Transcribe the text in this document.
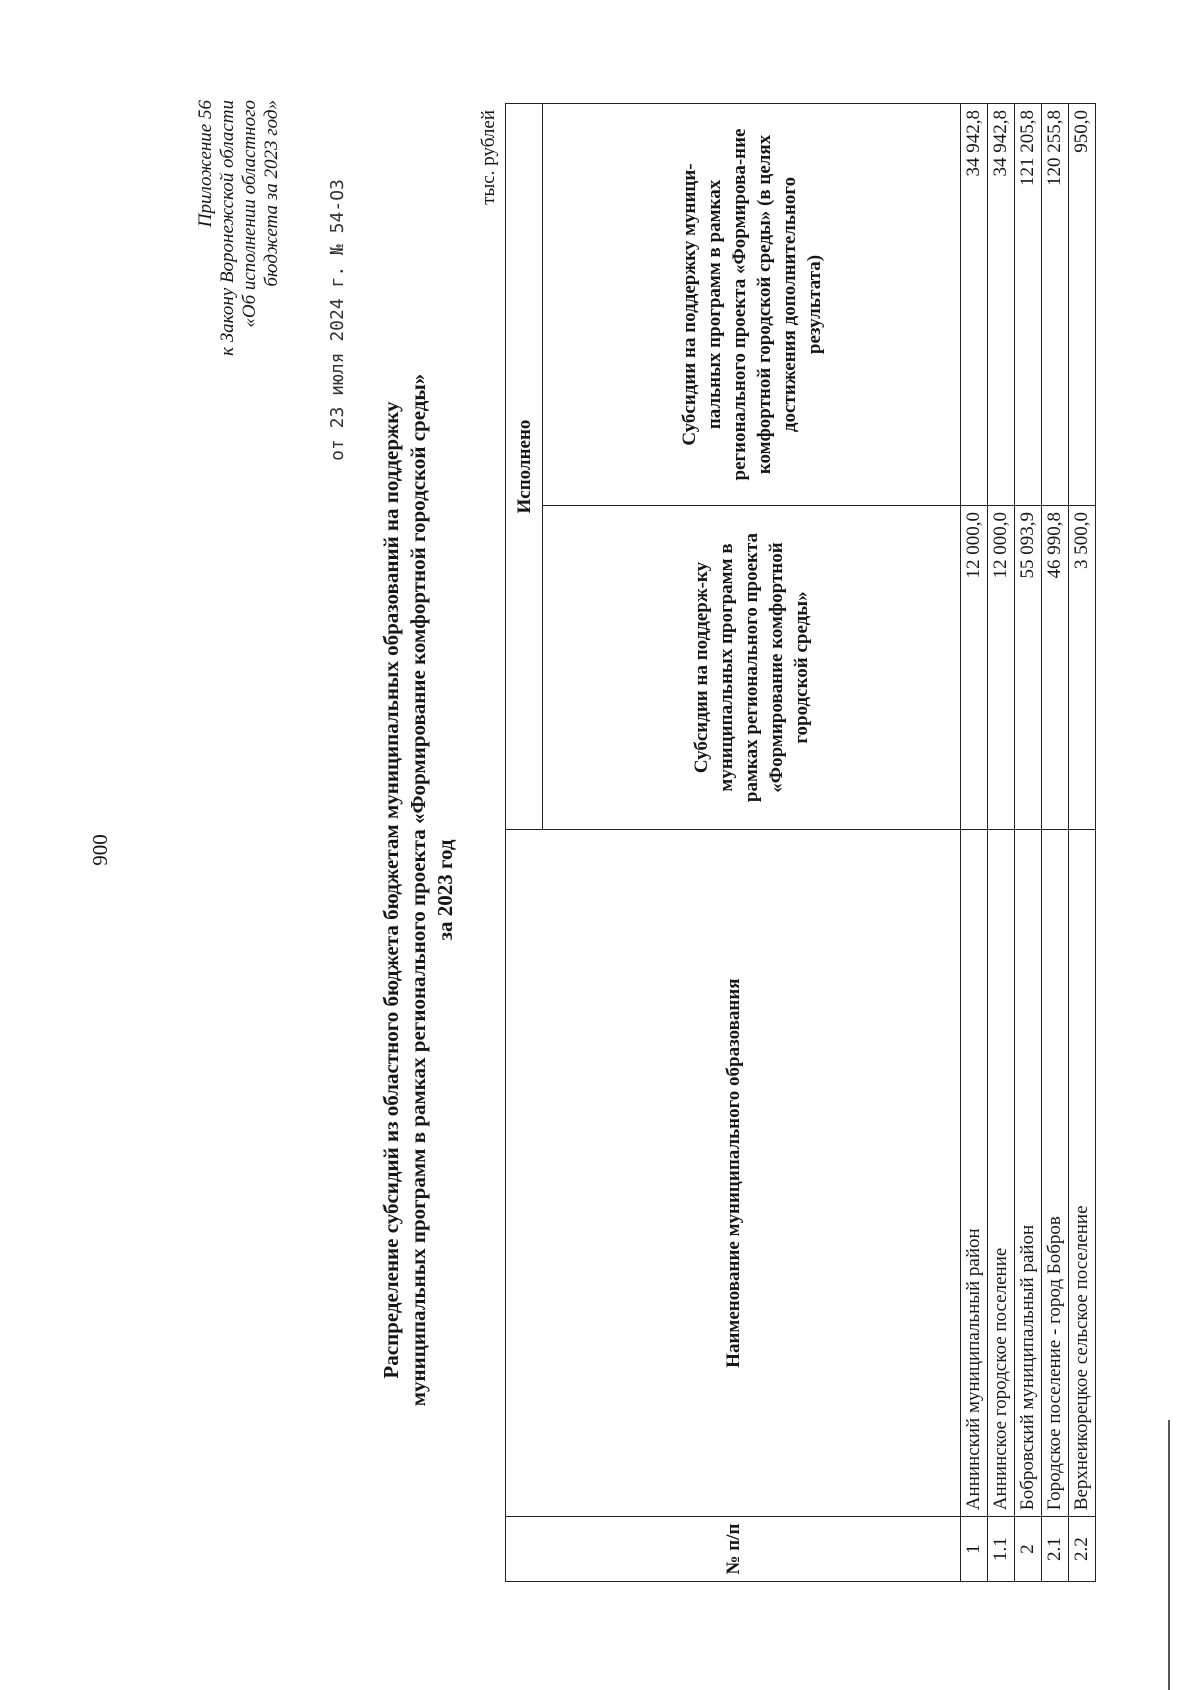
900
Приложение 56 к Закону Воронежской области «Об исполнении областного бюджета за 2023 год»	от 23 июля 2024 г. № 54-ОЗ
Распределение субсидий из областного бюджета бюджетам муниципальных образований на поддержку муниципальных программ в рамках регионального проекта «Формирование комфортной городской среды» за 2023 год
тыс. рублей
№ п/п	Наименование муниципального образования	Исполнено	
		Субсидии на поддерж-ку муниципальных программ в рамках регионального проекта «Формирование комфортной городской среды»	Субсидии на поддержку муници-пальных программ в рамках регионального проекта «Формирова-ние комфортной городской среды» (в целях достижения дополнительного результата)
1	Аннинский муниципальный район	12 000,0	34 942,8
1.1	Аннинское городское поселение	12 000,0	34 942,8
2	Бобровский муниципальный район	55 093,9	121 205,8
2.1	Городское поселение - город Бобров	46 990,8	120 255,8
2.2	Верхнеикорецкое сельское поселение	3 500,0	950,0
